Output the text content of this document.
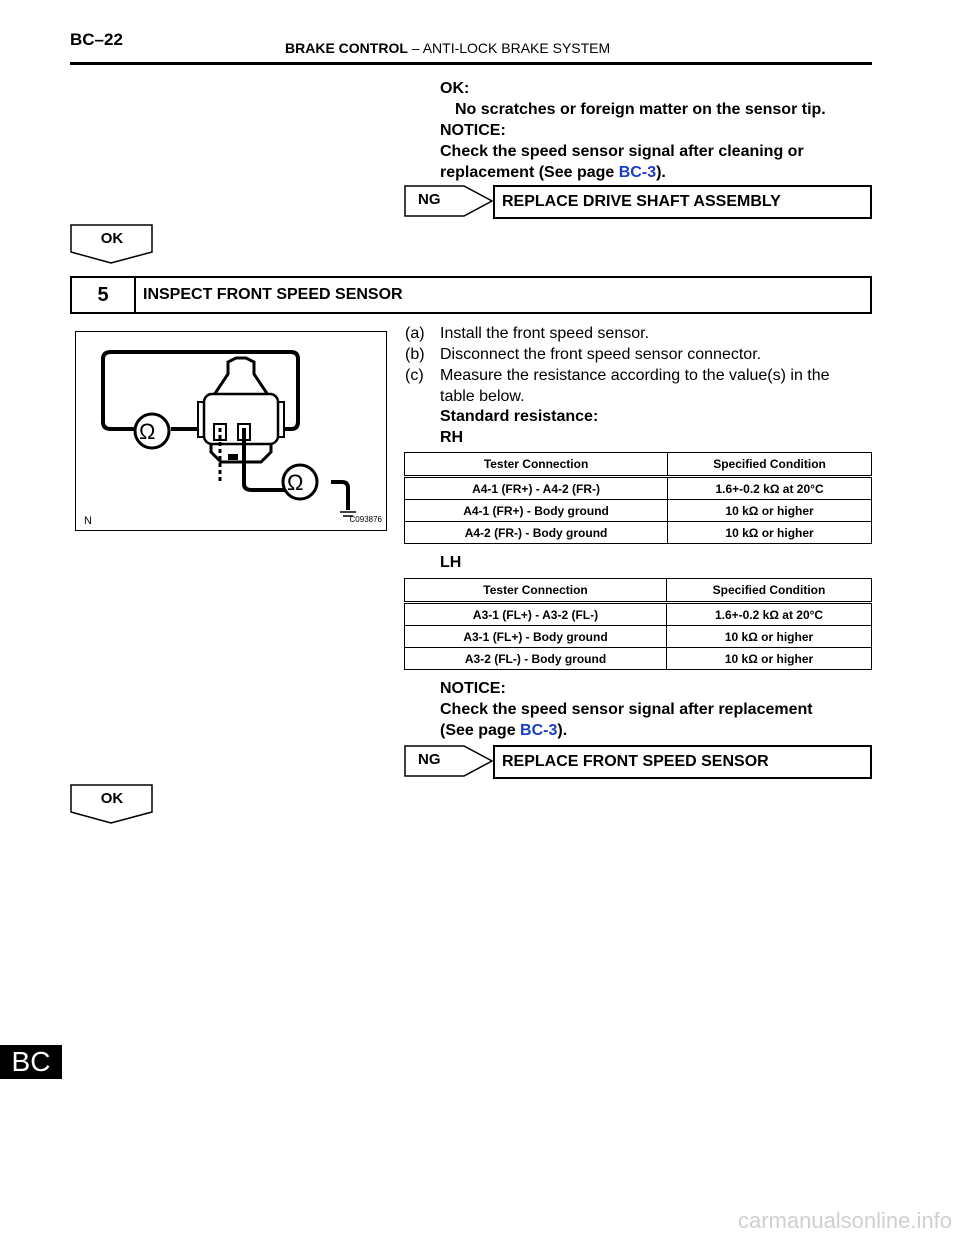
BC–22	BRAKE CONTROL – ANTI-LOCK BRAKE SYSTEM
OK:
No scratches or foreign matter on the sensor tip.
NOTICE:
Check the speed sensor signal after cleaning or
replacement (See page BC-3).
NG	REPLACE DRIVE SHAFT ASSEMBLY
OK
5	INSPECT FRONT SPEED SENSOR
Ω
Ω
N	C093876
(a) Install the front speed sensor.
(b) Disconnect the front speed sensor connector.
(c) Measure the resistance according to the value(s) in the
table below.
Standard resistance:
RH
Tester Connection	Specified Condition
A4-1 (FR+) - A4-2 (FR-)	1.6+-0.2 kΩ at 20°C
A4-1 (FR+) - Body ground	10 kΩ or higher
A4-2 (FR-) - Body ground	10 kΩ or higher
LH
Tester Connection	Specified Condition
A3-1 (FL+) - A3-2 (FL-)	1.6+-0.2 kΩ at 20°C
A3-1 (FL+) - Body ground	10 kΩ or higher
A3-2 (FL-) - Body ground	10 kΩ or higher
NOTICE:
Check the speed sensor signal after replacement
(See page BC-3).
NG	REPLACE FRONT SPEED SENSOR
OK
BC
carmanualsonline.info
